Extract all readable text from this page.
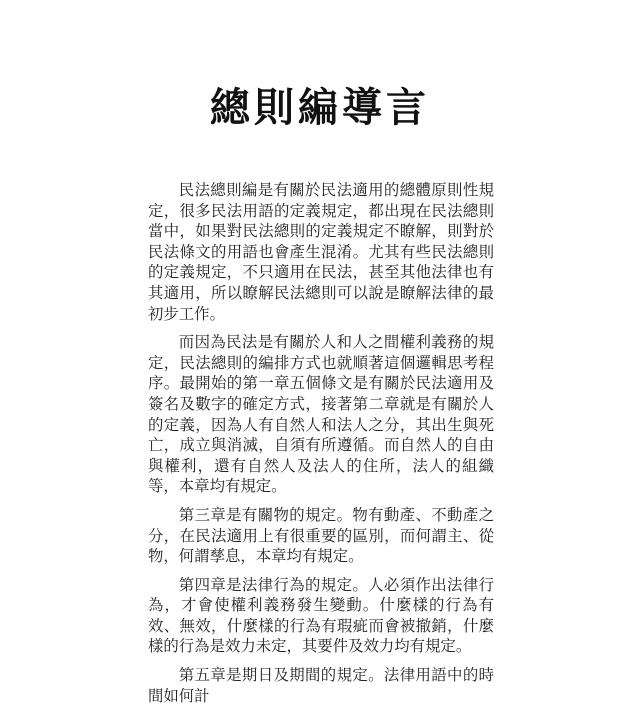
總則編導言

民法總則編是有關於民法適用的總體原則性規定，很多民法用語的定義規定，都出現在民法總則當中，如果對民法總則的定義規定不瞭解，則對於民法條文的用語也會產生混淆。尤其有些民法總則的定義規定，不只適用在民法，甚至其他法律也有其適用，所以瞭解民法總則可以說是瞭解法律的最初步工作。

而因為民法是有關於人和人之間權利義務的規定，民法總則的編排方式也就順著這個邏輯思考程序。最開始的第一章五個條文是有關於民法適用及簽名及數字的確定方式，接著第二章就是有關於人的定義，因為人有自然人和法人之分，其出生與死亡，成立與消滅，自須有所遵循。而自然人的自由與權利，還有自然人及法人的住所，法人的組織等，本章均有規定。

第三章是有關物的規定。物有動產、不動產之分，在民法適用上有很重要的區別，而何謂主、從物，何謂孳息，本章均有規定。

第四章是法律行為的規定。人必須作出法律行為，才會使權利義務發生變動。什麼樣的行為有效、無效，什麼樣的行為有瑕疵而會被撤銷，什麼樣的行為是效力未定，其要件及效力均有規定。

第五章是期日及期間的規定。法律用語中的時間如何計
